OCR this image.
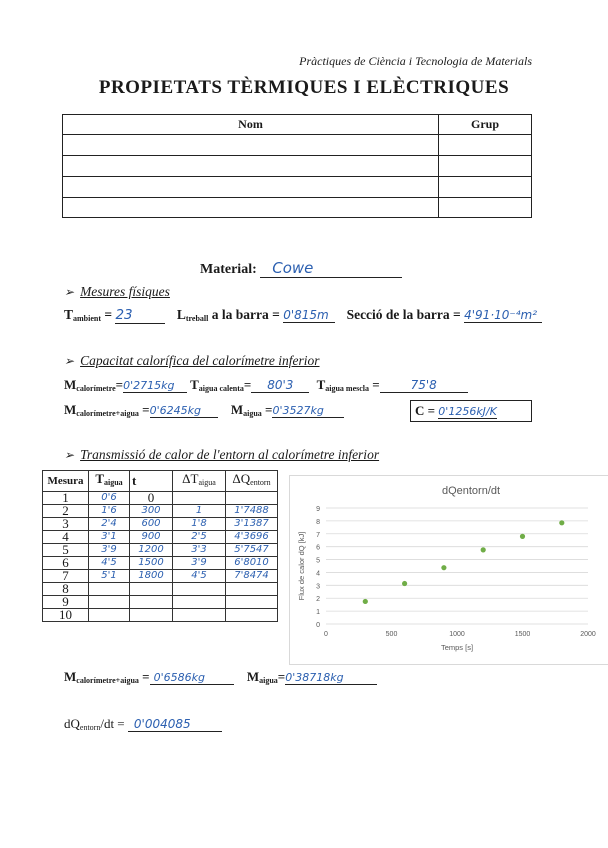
Pràctiques de Ciència i Tecnologia de Materials
PROPIETATS TÈRMIQUES I ELÈCTRIQUES
Nom	Grup

Material: Cowe
➢ Mesures físiques
$T_{ambient} = 23$	$L_{treball}$ a la barra = 0'815m Secció de la barra = 4'91·10⁻⁴m²
➢ Capacitat calorífica del calorímetre inferior
$M_{calorímetre}=0'2715kg$ $T_{aigua calenta}= 80'3$ $T_{aigua mescla}$ =	75'8
$M_{calorímetre+aigua} =0'6245kg$ $M_{aigua} =0'3527kg$	C = 0'1256kJ/K
➢ Transmissió de calor de l'entorn al calorímetre inferior
Mesura	$T_{aigua}$	t	$\Delta T_{aigua}$	$\Delta Q_{entorn}$
1	0'6	0		
2	1'6	300	1	1'7488
3	2'4	600	1'8	3'1387
4	3'1	900	2'5	4'3696
5	3'9	1200	3'3	5'7547
6	4'5	1500	3'9	6'8010
7	5'1	1800	4'5	7'8474
8				
9				
10				
dQentorn/dt
0
1
2
3
4
5
6
7
8
9
0	500	1000	1500	2000
Temps [s]
Flux de calor dQ [kJ]
$M_{calorímetre+aigua} = 0'6586kg$	$M_{aigua}=0'38718kg$
$dQ_{entorn}/dt = 0'004085$
